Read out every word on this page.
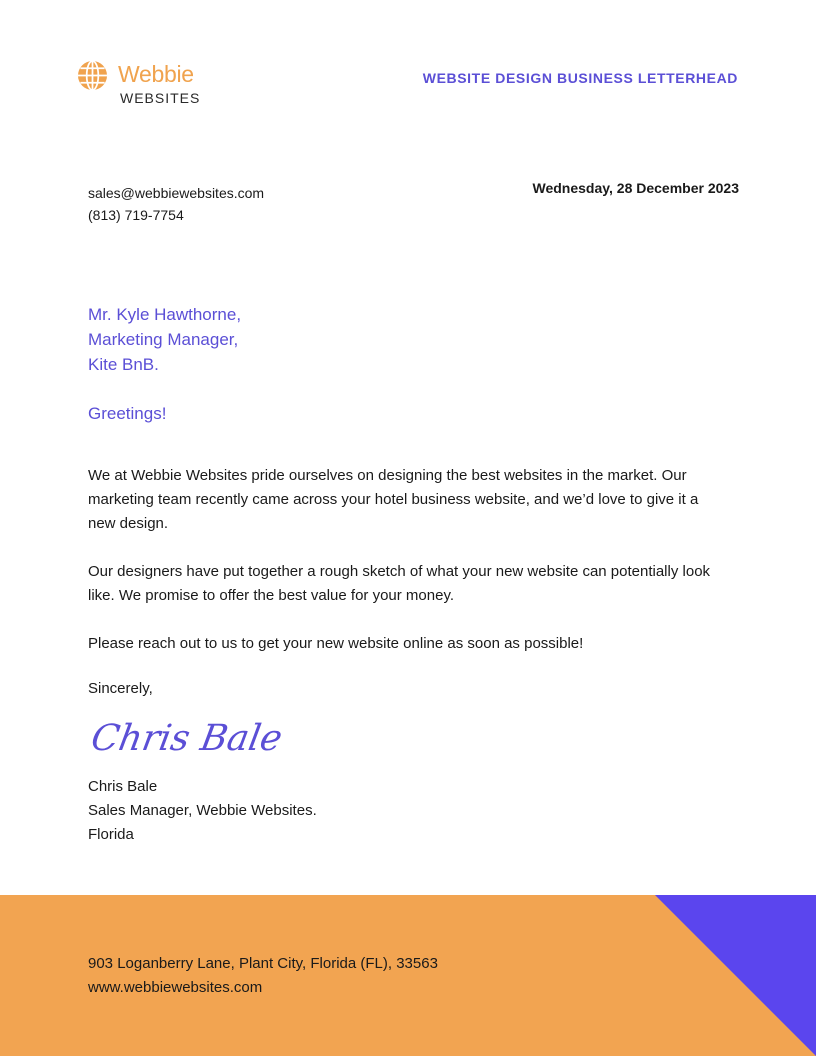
Webbie
WEBSITES
WEBSITE DESIGN BUSINESS LETTERHEAD
sales@webbiewebsites.com
(813) 719-7754
Wednesday, 28 December 2023
Mr. Kyle Hawthorne,
Marketing Manager,
Kite BnB.
Greetings!

We at Webbie Websites pride ourselves on designing the best websites in the market. Our marketing team recently came across your hotel business website, and we’d love to give it a new design.

Our designers have put together a rough sketch of what your new website can potentially look like. We promise to offer the best value for your money.

Please reach out to us to get your new website online as soon as possible!

Sincerely,
Chris Bale
Chris Bale
Sales Manager, Webbie Websites.
Florida
903 Loganberry Lane, Plant City, Florida (FL), 33563
www.webbiewebsites.com
